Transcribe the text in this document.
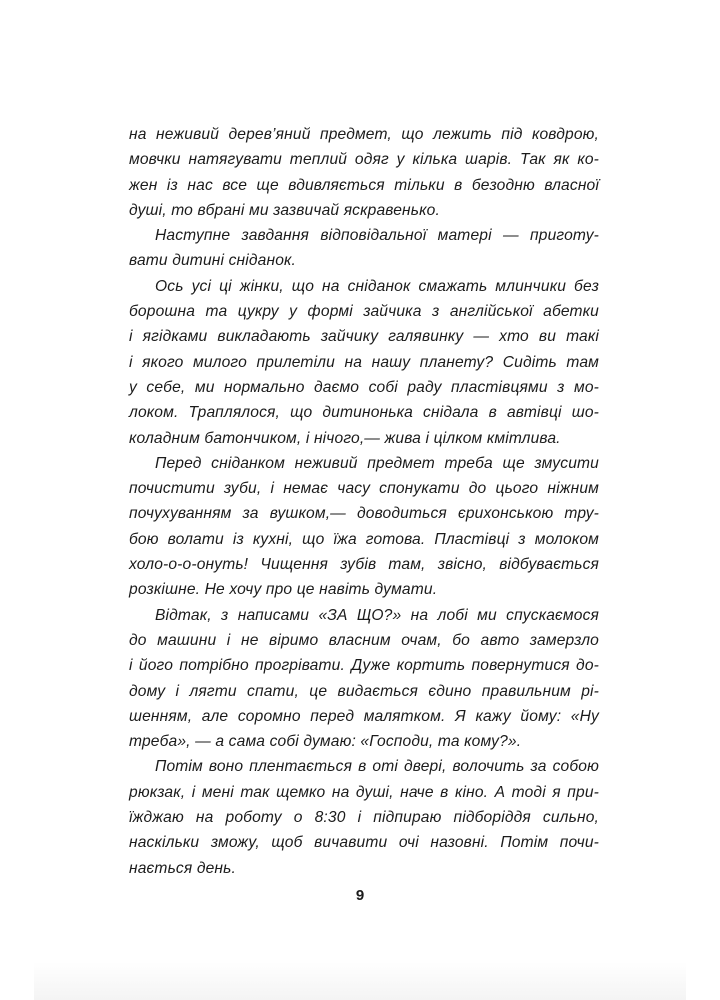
на неживий дерев’яний предмет, що лежить під ковдрою,
мовчки натягувати теплий одяг у кілька шарів. Так як ко-
жен із нас все ще вдивляється тільки в безодню власної
душі, то вбрані ми зазвичай яскравенько.
Наступне завдання відповідальної матері — приготу-
вати дитині сніданок.
Ось усі ці жінки, що на сніданок смажать млинчики без
борошна та цукру у формі зайчика з англійської абетки
і ягідками викладають зайчику галявинку — хто ви такі
і якого милого прилетіли на нашу планету? Сидіть там
у себе, ми нормально даємо собі раду пластівцями з мо-
локом. Траплялося, що дитинонька снідала в автівці шо-
коладним батончиком, і нічого,— жива і цілком кмітлива.
Перед сніданком неживий предмет треба ще змусити
почистити зуби, і немає часу спонукати до цього ніжним
почухуванням за вушком,— доводиться єрихонською тру-
бою волати із кухні, що їжа готова. Пластівці з молоком
холо-о-о-онуть! Чищення зубів там, звісно, відбувається
розкішне. Не хочу про це навіть думати.
Відтак, з написами «ЗА ЩО?» на лобі ми спускаємося
до машини і не віримо власним очам, бо авто замерзло
і його потрібно прогрівати. Дуже кортить повернутися до-
дому і лягти спати, це видається єдино правильним рі-
шенням, але соромно перед малятком. Я кажу йому: «Ну
треба», — а сама собі думаю: «Господи, та кому?».
Потім воно плентається в оті двері, волочить за собою
рюкзак, і мені так щемко на душі, наче в кіно. А тоді я при-
їжджаю на роботу о 8:30 і підпираю підборіддя сильно,
наскільки зможу, щоб вичавити очі назовні. Потім почи-
нається день.
9
